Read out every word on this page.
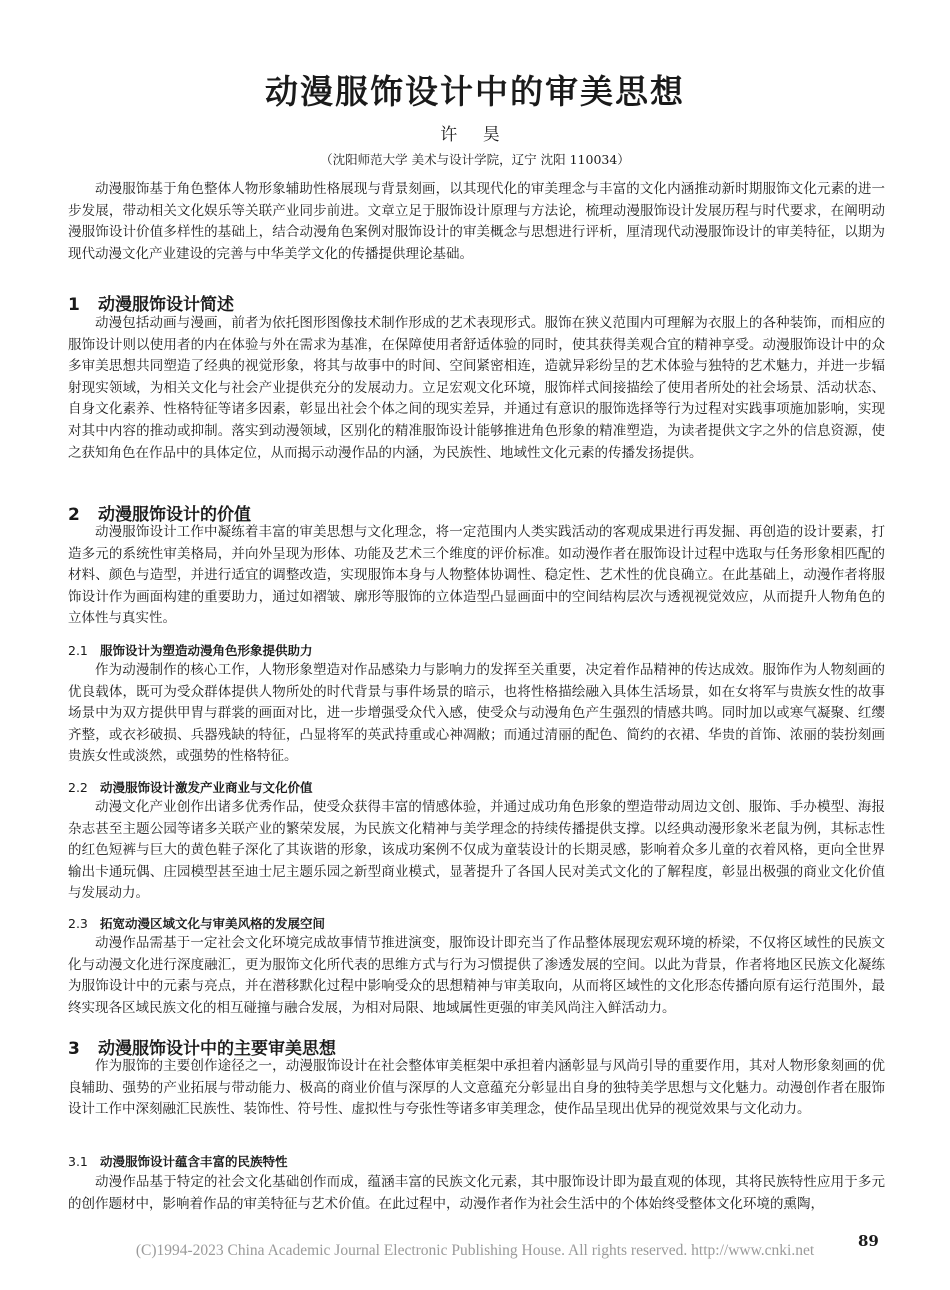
动漫服饰设计中的审美思想
许 昊
（沈阳师范大学 美术与设计学院，辽宁 沈阳 110034）

动漫服饰基于角色整体人物形象辅助性格展现与背景刻画，以其现代化的审美理念与丰富的文化内涵推动新时期服饰文化元素的进一步发展，带动相关文化娱乐等关联产业同步前进。文章立足于服饰设计原理与方法论，梳理动漫服饰设计发展历程与时代要求，在阐明动漫服饰设计价值多样性的基础上，结合动漫角色案例对服饰设计的审美概念与思想进行评析，厘清现代动漫服饰设计的审美特征，以期为现代动漫文化产业建设的完善与中华美学文化的传播提供理论基础。

1 动漫服饰设计简述

动漫包括动画与漫画，前者为依托图形图像技术制作形成的艺术表现形式。服饰在狭义范围内可理解为衣服上的各种装饰，而相应的服饰设计则以使用者的内在体验与外在需求为基准，在保障使用者舒适体验的同时，使其获得美观合宜的精神享受。动漫服饰设计中的众多审美思想共同塑造了经典的视觉形象，将其与故事中的时间、空间紧密相连，造就异彩纷呈的艺术体验与独特的艺术魅力，并进一步辐射现实领域，为相关文化与社会产业提供充分的发展动力。立足宏观文化环境，服饰样式间接描绘了使用者所处的社会场景、活动状态、自身文化素养、性格特征等诸多因素，彰显出社会个体之间的现实差异，并通过有意识的服饰选择等行为过程对实践事项施加影响，实现对其中内容的推动或抑制。落实到动漫领域，区别化的精准服饰设计能够推进角色形象的精准塑造，为读者提供文字之外的信息资源，使之获知角色在作品中的具体定位，从而揭示动漫作品的内涵，为民族性、地域性文化元素的传播发扬提供。

2 动漫服饰设计的价值

动漫服饰设计工作中凝练着丰富的审美思想与文化理念，将一定范围内人类实践活动的客观成果进行再发掘、再创造的设计要素，打造多元的系统性审美格局，并向外呈现为形体、功能及艺术三个维度的评价标准。如动漫作者在服饰设计过程中选取与任务形象相匹配的材料、颜色与造型，并进行适宜的调整改造，实现服饰本身与人物整体协调性、稳定性、艺术性的优良确立。在此基础上，动漫作者将服饰设计作为画面构建的重要助力，通过如褶皱、廓形等服饰的立体造型凸显画面中的空间结构层次与透视视觉效应，从而提升人物角色的立体性与真实性。

2.1 服饰设计为塑造动漫角色形象提供助力

作为动漫制作的核心工作，人物形象塑造对作品感染力与影响力的发挥至关重要，决定着作品精神的传达成效。服饰作为人物刻画的优良载体，既可为受众群体提供人物所处的时代背景与事件场景的暗示，也将性格描绘融入具体生活场景，如在女将军与贵族女性的故事场景中为双方提供甲胄与群裳的画面对比，进一步增强受众代入感，使受众与动漫角色产生强烈的情感共鸣。同时加以或寒气凝聚、红缨齐整，或衣衫破损、兵器残缺的特征，凸显将军的英武持重或心神凋敝；而通过清丽的配色、简约的衣裙、华贵的首饰、浓丽的装扮刻画贵族女性或淡然，或强势的性格特征。

2.2 动漫服饰设计激发产业商业与文化价值

动漫文化产业创作出诸多优秀作品，使受众获得丰富的情感体验，并通过成功角色形象的塑造带动周边文创、服饰、手办模型、海报杂志甚至主题公园等诸多关联产业的繁荣发展，为民族文化精神与美学理念的持续传播提供支撑。以经典动漫形象米老鼠为例，其标志性的红色短裤与巨大的黄色鞋子深化了其诙谐的形象，该成功案例不仅成为童装设计的长期灵感，影响着众多儿童的衣着风格，更向全世界输出卡通玩偶、庄园模型甚至迪士尼主题乐园之新型商业模式，显著提升了各国人民对美式文化的了解程度，彰显出极强的商业文化价值与发展动力。

2.3 拓宽动漫区域文化与审美风格的发展空间

动漫作品需基于一定社会文化环境完成故事情节推进演变，服饰设计即充当了作品整体展现宏观环境的桥梁，不仅将区域性的民族文化与动漫文化进行深度融汇，更为服饰文化所代表的思维方式与行为习惯提供了渗透发展的空间。以此为背景，作者将地区民族文化凝练为服饰设计中的元素与亮点，并在潜移默化过程中影响受众的思想精神与审美取向，从而将区域性的文化形态传播向原有运行范围外，最终实现各区域民族文化的相互碰撞与融合发展，为相对局限、地域属性更强的审美风尚注入鲜活动力。

3 动漫服饰设计中的主要审美思想

作为服饰的主要创作途径之一，动漫服饰设计在社会整体审美框架中承担着内涵彰显与风尚引导的重要作用，其对人物形象刻画的优良辅助、强势的产业拓展与带动能力、极高的商业价值与深厚的人文意蕴充分彰显出自身的独特美学思想与文化魅力。动漫创作者在服饰设计工作中深刻融汇民族性、装饰性、符号性、虚拟性与夸张性等诸多审美理念，使作品呈现出优异的视觉效果与文化动力。

3.1 动漫服饰设计蕴含丰富的民族特性

动漫作品基于特定的社会文化基础创作而成，蕴涵丰富的民族文化元素，其中服饰设计即为最直观的体现，其将民族特性应用于多元的创作题材中，影响着作品的审美特征与艺术价值。在此过程中，动漫作者作为社会生活中的个体始终受整体文化环境的熏陶，

89
(C)1994-2023 China Academic Journal Electronic Publishing House. All rights reserved. http://www.cnki.net
